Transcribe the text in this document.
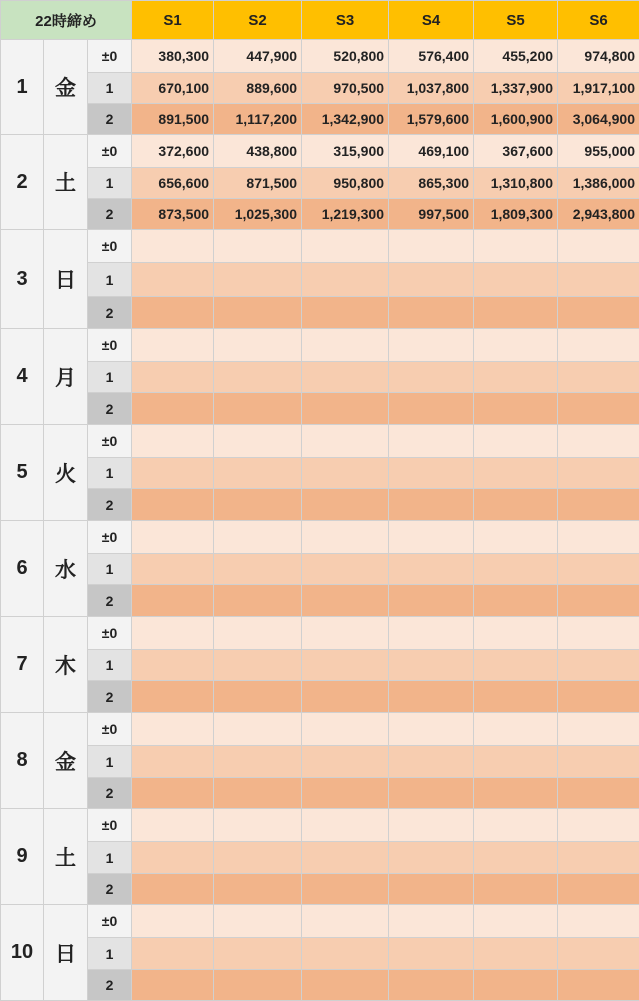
22時締め			S1	S2	S3	S4	S5	S6
1	金	±0	380,300	447,900	520,800	576,400	455,200	974,800
		1	670,100	889,600	970,500	1,037,800	1,337,900	1,917,100
		2	891,500	1,117,200	1,342,900	1,579,600	1,600,900	3,064,900
2	土	±0	372,600	438,800	315,900	469,100	367,600	955,000
		1	656,600	871,500	950,800	865,300	1,310,800	1,386,000
		2	873,500	1,025,300	1,219,300	997,500	1,809,300	2,943,800
3	日	±0						
		1						
		2						
4	月	±0						
		1						
		2						
5	火	±0						
		1						
		2						
6	水	±0						
		1						
		2						
7	木	±0						
		1						
		2						
8	金	±0						
		1						
		2						
9	土	±0						
		1						
		2						
10	日	±0						
		1						
		2						
